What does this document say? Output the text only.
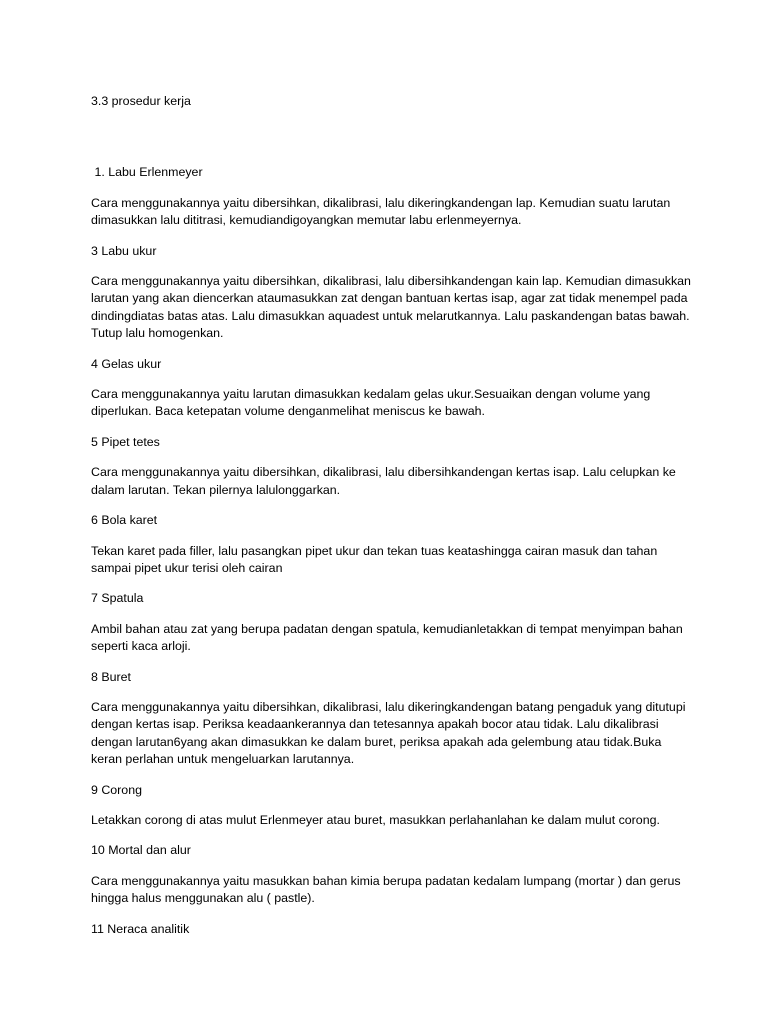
3.3 prosedur kerja

1. Labu Erlenmeyer

Cara menggunakannya yaitu dibersihkan, dikalibrasi, lalu dikeringkandengan lap. Kemudian suatu larutan dimasukkan lalu dititrasi, kemudiandigoyangkan memutar labu erlenmeyernya.

3 Labu ukur

Cara menggunakannya yaitu dibersihkan, dikalibrasi, lalu dibersihkandengan kain lap. Kemudian dimasukkan larutan yang akan diencerkan ataumasukkan zat dengan bantuan kertas isap, agar zat tidak menempel pada dindingdiatas batas atas. Lalu dimasukkan aquadest untuk melarutkannya. Lalu paskandengan batas bawah. Tutup lalu homogenkan.

4 Gelas ukur

Cara menggunakannya yaitu larutan dimasukkan kedalam gelas ukur.Sesuaikan dengan volume yang diperlukan. Baca ketepatan volume denganmelihat meniscus ke bawah.

5 Pipet tetes

Cara menggunakannya yaitu dibersihkan, dikalibrasi, lalu dibersihkandengan kertas isap. Lalu celupkan ke dalam larutan. Tekan pilernya lalulonggarkan.

6 Bola karet

Tekan karet pada filler, lalu pasangkan pipet ukur dan tekan tuas keatashingga cairan masuk dan tahan sampai pipet ukur terisi oleh cairan

7 Spatula

Ambil bahan atau zat yang berupa padatan dengan spatula, kemudianletakkan di tempat menyimpan bahan seperti kaca arloji.

8 Buret

Cara menggunakannya yaitu dibersihkan, dikalibrasi, lalu dikeringkandengan batang pengaduk yang ditutupi dengan kertas isap. Periksa keadaankerannya dan tetesannya apakah bocor atau tidak. Lalu dikalibrasi dengan larutan6yang akan dimasukkan ke dalam buret, periksa apakah ada gelembung atau tidak.Buka keran perlahan untuk mengeluarkan larutannya.

9 Corong

Letakkan corong di atas mulut Erlenmeyer atau buret, masukkan perlahanlahan ke dalam mulut corong.

10 Mortal dan alur

Cara menggunakannya yaitu masukkan bahan kimia berupa padatan kedalam lumpang (mortar ) dan gerus hingga halus menggunakan alu ( pastle).

11 Neraca analitik
